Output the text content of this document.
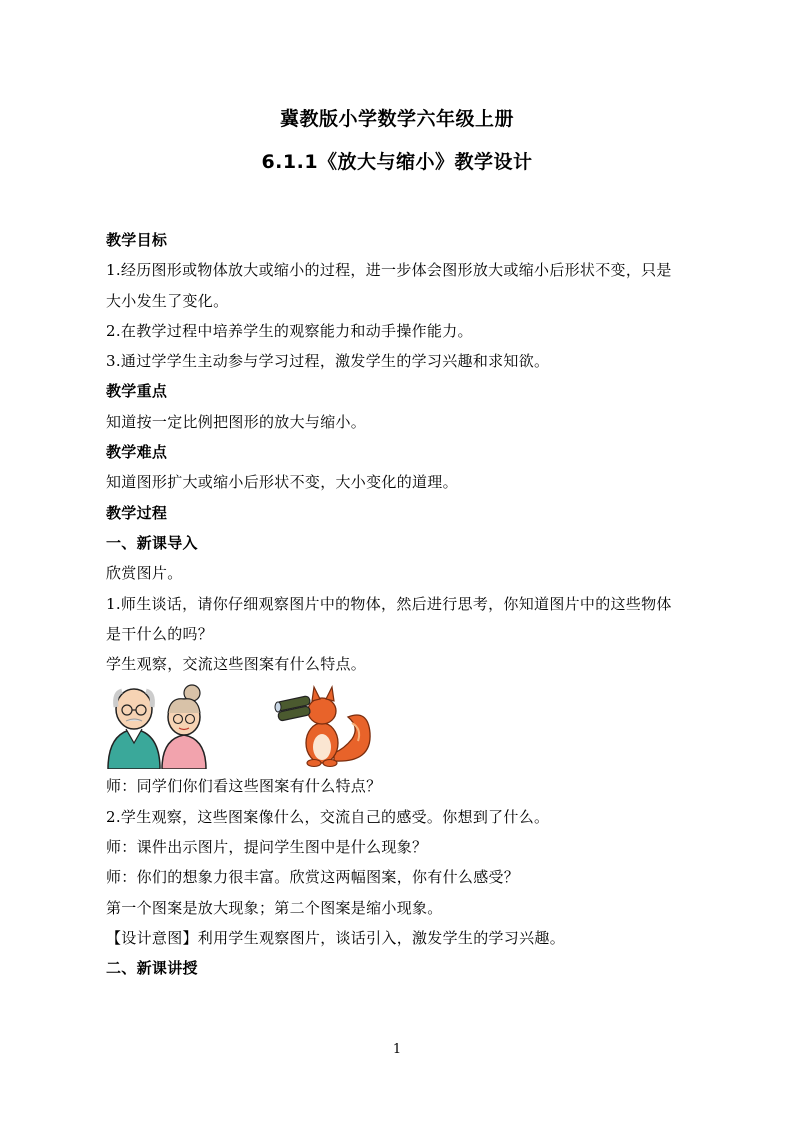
冀教版小学数学六年级上册
6.1.1《放大与缩小》教学设计
教学目标
1.经历图形或物体放大或缩小的过程，进一步体会图形放大或缩小后形状不变，只是
大小发生了变化。
2.在教学过程中培养学生的观察能力和动手操作能力。
3.通过学学生主动参与学习过程，激发学生的学习兴趣和求知欲。
教学重点
知道按一定比例把图形的放大与缩小。
教学难点
知道图形扩大或缩小后形状不变，大小变化的道理。
教学过程
一、新课导入
欣赏图片。
1.师生谈话，请你仔细观察图片中的物体，然后进行思考，你知道图片中的这些物体
是干什么的吗？
学生观察，交流这些图案有什么特点。
师：同学们你们看这些图案有什么特点？
2.学生观察，这些图案像什么，交流自己的感受。你想到了什么。
师：课件出示图片，提问学生图中是什么现象？
师：你们的想象力很丰富。欣赏这两幅图案，你有什么感受？
第一个图案是放大现象；第二个图案是缩小现象。
【设计意图】利用学生观察图片，谈话引入，激发学生的学习兴趣。
二、新课讲授
1
